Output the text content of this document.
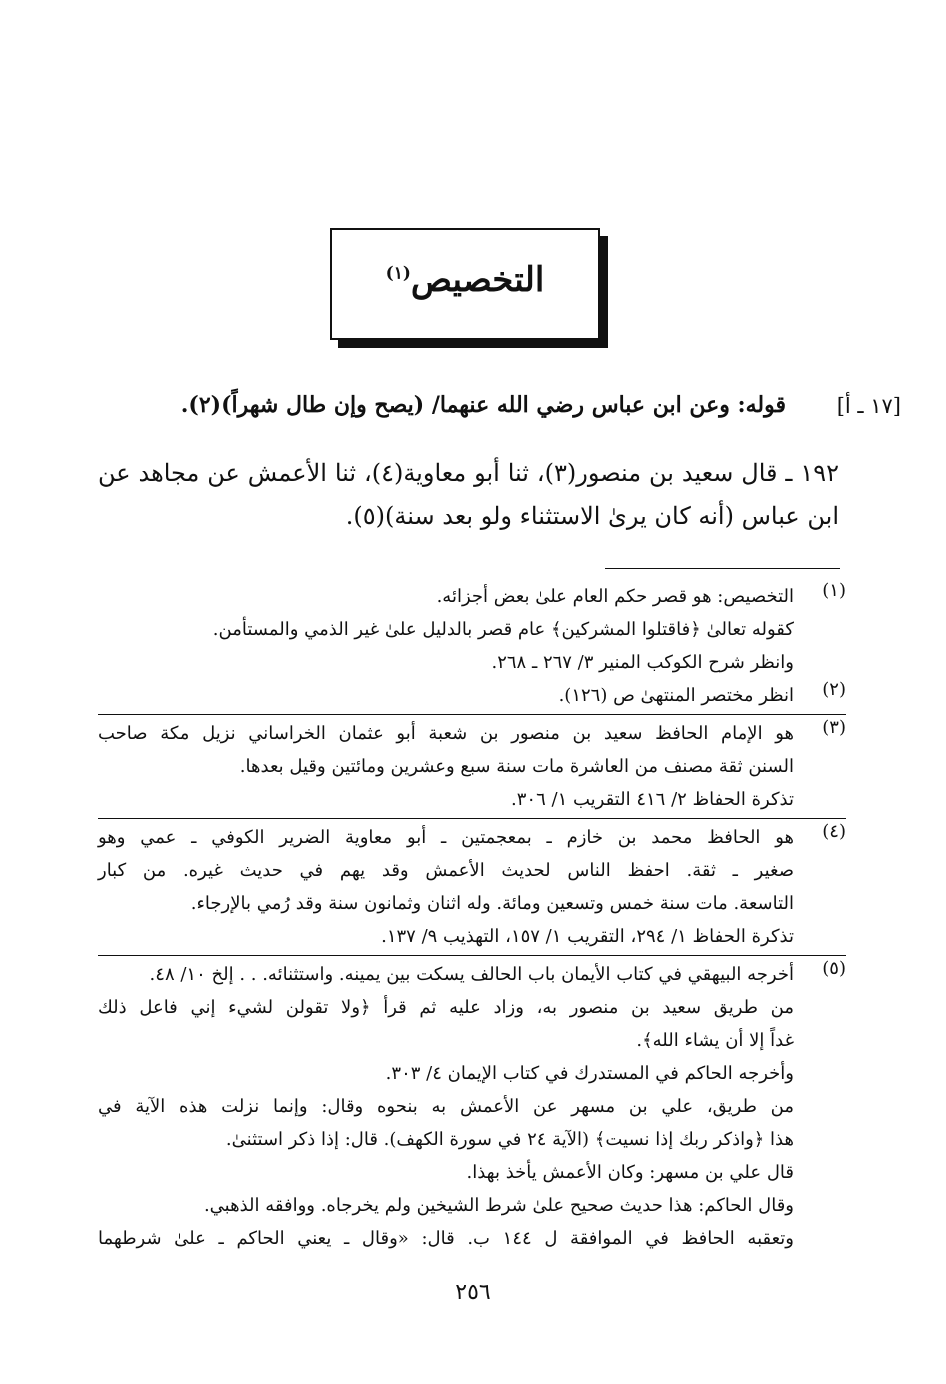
التخصيص$^{(١)}$
[١٧ ـ أ]
قوله: وعن ابن عباس رضي الله عنهما/ (يصح وإن طال شهراً)(٢).
١٩٢ ـ قال سعيد بن منصور(٣)، ثنا أبو معاوية(٤)، ثنا الأعمش عن مجاهد عن ابن عباس (أنه كان يرىٰ الاستثناء ولو بعد سنة)(٥).
(١)
التخصيص: هو قصر حكم العام علىٰ بعض أجزائه.
كقوله تعالىٰ ﴿فاقتلوا المشركين﴾ عام قصر بالدليل علىٰ غير الذمي والمستأمن.
وانظر شرح الكوكب المنير ٣/ ٢٦٧ ـ ٢٦٨.
(٢)
انظر مختصر المنتهىٰ ص (١٢٦).
(٣)
هو الإمام الحافظ سعيد بن منصور بن شعبة أبو عثمان الخراساني نزيل مكة صاحب
السنن ثقة مصنف من العاشرة مات سنة سبع وعشرين ومائتين وقيل بعدها.
تذكرة الحفاظ ٢/ ٤١٦ التقريب ١/ ٣٠٦.
(٤)
هو الحافظ محمد بن خازم ـ بمعجمتين ـ أبو معاوية الضرير الكوفي ـ عمي وهو
صغير ـ ثقة. احفظ الناس لحديث الأعمش وقد يهم في حديث غيره. من كبار
التاسعة. مات سنة خمس وتسعين ومائة. وله اثنان وثمانون سنة وقد رُمي بالإرجاء.
تذكرة الحفاظ ١/ ٢٩٤، التقريب ١/ ١٥٧، التهذيب ٩/ ١٣٧.
(٥)
أخرجه البيهقي في كتاب الأيمان باب الحالف يسكت بين يمينه. واستثنائه. . . إلخ ١٠/ ٤٨.
من طريق سعيد بن منصور به، وزاد عليه ثم قرأ ﴿ولا تقولن لشيء إني فاعل ذلك
غداً إلا أن يشاء الله﴾.
وأخرجه الحاكم في المستدرك في كتاب الإيمان ٤/ ٣٠٣.
من طريق، علي بن مسهر عن الأعمش به بنحوه وقال: وإنما نزلت هذه الآية في
هذا ﴿واذكر ربك إذا نسيت﴾ (الآية ٢٤ في سورة الكهف). قال: إذا ذكر استثنىٰ.
قال علي بن مسهر: وكان الأعمش يأخذ بهذا.
وقال الحاكم: هذا حديث صحيح علىٰ شرط الشيخين ولم يخرجاه. ووافقه الذهبي.
وتعقبه الحافظ في الموافقة ل ١٤٤ ب. قال: «وقال ـ يعني الحاكم ـ علىٰ شرطهما
٢٥٦
